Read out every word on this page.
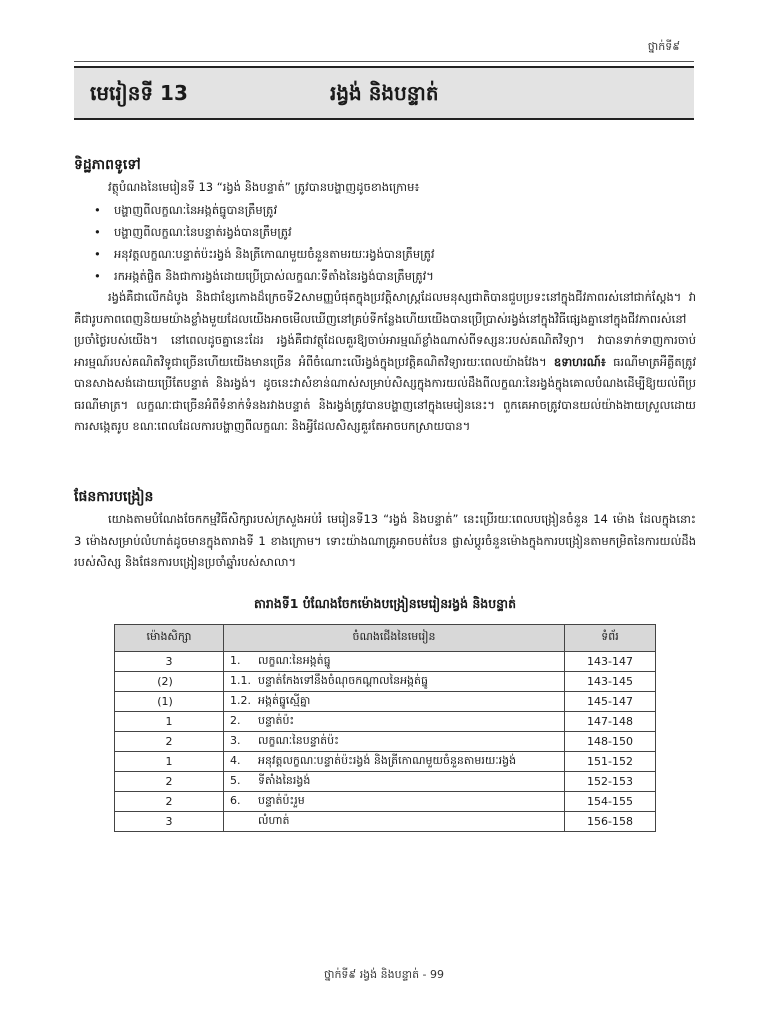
ថ្នាក់ទី៩
មេរៀនទី 13	រង្វង់ និងបន្ទាត់
ទិដ្ឋភាពទូទៅ
វត្ថុបំណងនៃមេរៀនទី 13 “រង្វង់ និងបន្ទាត់” ត្រូវបានបង្ហាញដូចខាងក្រោម៖
• បង្ហាញពីលក្ខណៈនៃអង្កត់ធ្នូបានត្រឹមត្រូវ
• បង្ហាញពីលក្ខណៈនៃបន្ទាត់រង្វង់បានត្រឹមត្រូវ
• អនុវត្តលក្ខណៈបន្ទាត់ប៉ះរង្វង់ និងត្រីកោណមួយចំនួនតាមរយៈរង្វង់បានត្រឹមត្រូវ
• រកអង្កត់ផ្ចិត និងជាការង្វង់ដោយប្រើប្រាស់លក្ខណៈទីតាំងនៃរង្វង់បានត្រឹមត្រូវ។
រង្វង់គឺជាលេីកដំបូង និងជាខ្សែកោងដ៏ក្រេចទី2សាមញ្ញបំផុតក្នុងប្រវត្តិសាស្ត្រដែលមនុស្សជាតិបានជួបប្រទះនៅក្នុងជីវភាពរស់នៅជាក់ស្តែង។ វាគឺជារូបភាពពេញនិយមយ៉ាងខ្លាំងមួយដែលយេីងអាចមេីលឃេីញនៅគ្រប់ទីកន្លែងហេីយយេីងបានប្រេីប្រាស់រង្វង់នៅក្នុងវិធីផ្សេងគ្នានៅក្នុងជីវភាពរស់នៅប្រចាំថ្ងៃរបស់យេីង។ នៅពេលដូចគ្នានេះដែរ រង្វង់គឺជាវត្ថុដែលគួរឱ្យចាប់អារម្មណ៍ខ្លាំងណាស់ពីទស្សនៈរបស់គណិតវិទ្យា។ វាបានទាក់ទាញការចាប់អារម្មណ៍របស់គណិតវិទូជាច្រេីនហេីយយេីងមានច្រេីន អំពីចំណោះលេីរង្វង់ក្នុងប្រវត្តិគណិតវិទ្យារយៈពេលយ៉ាងវែង។ ឧទាហរណ៍៖ ធរណីមាត្រអឺគ្លីតត្រូវបានសាងសង់ដោយប្រេីតែបន្ទាត់ និងរង្វង់។ ដូចនេះវាសំខាន់ណាស់សម្រាប់សិស្សក្នុងការយល់ដឹងពីលក្ខណៈនៃរង្វង់ក្នុងគោលបំណងដេីម្បីឱ្យយល់ពីប្រធរណីមាត្រ។ លក្ខណៈជាច្រេីនអំពីទំនាក់ទំនងរវាងបន្ទាត់ និងរង្វង់ត្រូវបានបង្ហាញនៅក្នុងមេរៀននេះ។ ពួកគេអាចត្រូវបានយល់យ៉ាងងាយស្រួលដោយការសង្កេតរូប ខណៈពេលដែលការបង្ហាញពីលក្ខណៈ និងអ្វីដែលសិស្សគួរតែអាចបកស្រាយបាន។
ផែនការបង្រៀន
យោងតាមបំណែងចែកកម្មវិធីសិក្សារបស់ក្រសួងអប់រំ មេរៀនទី13 “រង្វង់ និងបន្ទាត់” នេះប្រេីរយៈពេលបង្រៀនចំនួន 14 ម៉ោង ដែលក្នុងនោះ 3 ម៉ោងសម្រាប់លំហាត់ដូចមានក្នុងតារាងទី 1 ខាងក្រោម។ ទោះយ៉ាងណាគ្រូអាចបត់បែន ផ្លាស់ប្តូរចំនួនម៉ោងក្នុងការបង្រៀនតាមកម្រិតនៃការយល់ដឹងរបស់សិស្ស និងផែនការបង្រៀនប្រចាំឆ្នាំរបស់សាលា។
តារាងទី1 បំណែងចែកម៉ោងបង្រៀនមេរៀនរង្វង់ និងបន្ទាត់
ម៉ោងសិក្សា	ចំណងជេីងនៃមេរៀន	ទំព័រ
3	1. លក្ខណៈនៃអង្កត់ធ្នូ	143-147
(2)	1.1. បន្ទាត់កែងទៅនឹងចំណុចកណ្តាលនៃអង្កត់ធ្នូ	143-145
(1)	1.2. អង្កត់ធ្នូស្មើគ្នា	145-147
1	2. បន្ទាត់ប៉ះ	147-148
2	3. លក្ខណៈនៃបន្ទាត់ប៉ះ	148-150
1	4. អនុវត្តលក្ខណៈបន្ទាត់ប៉ះរង្វង់ និងត្រីកោណមួយចំនួនតាមរយៈរង្វង់	151-152
2	5. ទីតាំងនៃរង្វង់	152-153
2	6. បន្ទាត់ប៉ះរួម	154-155
3	លំហាត់	156-158
ថ្នាក់ទី៩ រង្វង់ និងបន្ទាត់ - 99
